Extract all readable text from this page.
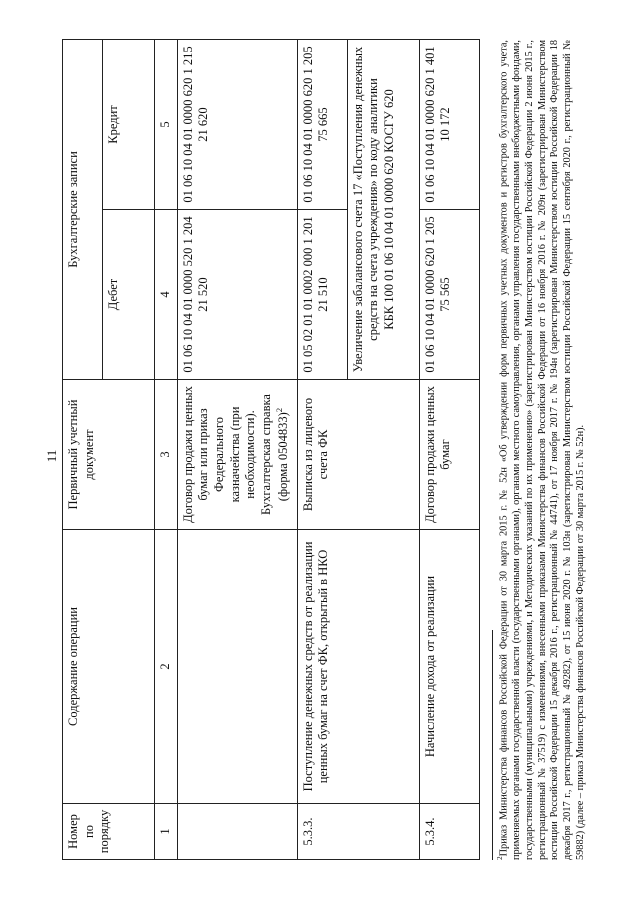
11
Номер по порядку	Содержание операции	Первичный учетный документ	Бухгалтерские записи	
			Дебет	Кредит
1	2	3	4	5
		Договор продажи ценных бумаг или приказ Федерального казначейства (при необходимости). Бухгалтерская справка (форма 0504833)$^2$	01 06 10 04 01 0000 520 1 204 21 520	01 06 10 04 01 0000 620 1 215 21 620
5.3.3.	Поступление денежных средств от реализации ценных бумаг на счет ФК, открытый в НКО	Выписка из лицевого счета ФК	01 05 02 01 01 0002 000 1 201 21 510	01 06 10 04 01 0000 620 1 205 75 665

			Увеличение забалансового счета 17 «Поступления денежных средств на счета учреждения» по коду аналитики КБК 100 01 06 10 04 01 0000 620 КОСГУ 620	

5.3.4.	Начисление дохода от реализации	Договор продажи ценных бумаг	01 06 10 04 01 0000 620 1 205 75 565	01 06 10 04 01 0000 620 1 401 10 172
$^2$Приказ Министерства финансов Российской Федерации от 30 марта 2015 г. № 52н «Об утверждении форм первичных учетных документов и регистров бухгалтерского учета, применяемых органами государственной власти (государственными органами), органами местного самоуправления, органами управления государственными внебюджетными фондами, государственными (муниципальными) учреждениями, и Методических указаний по их применению» (зарегистрирован Министерством юстиции Российской Федерации 2 июня 2015 г., регистрационный № 37519) с изменениями, внесенными приказами Министерства финансов Российской Федерации от 16 ноября 2016 г. № 209н (зарегистрирован Министерством юстиции Российской Федерации 15 декабря 2016 г., регистрационный № 44741), от 17 ноября 2017 г. № 194н (зарегистрирован Министерством юстиции Российской Федерации 18 декабря 2017 г., регистрационный № 49282), от 15 июня 2020 г. № 103н (зарегистрирован Министерством юстиции Российской Федерации 15 сентября 2020 г., регистрационный № 59882) (далее – приказ Министерства финансов Российской Федерации от 30 марта 2015 г. № 52н).
